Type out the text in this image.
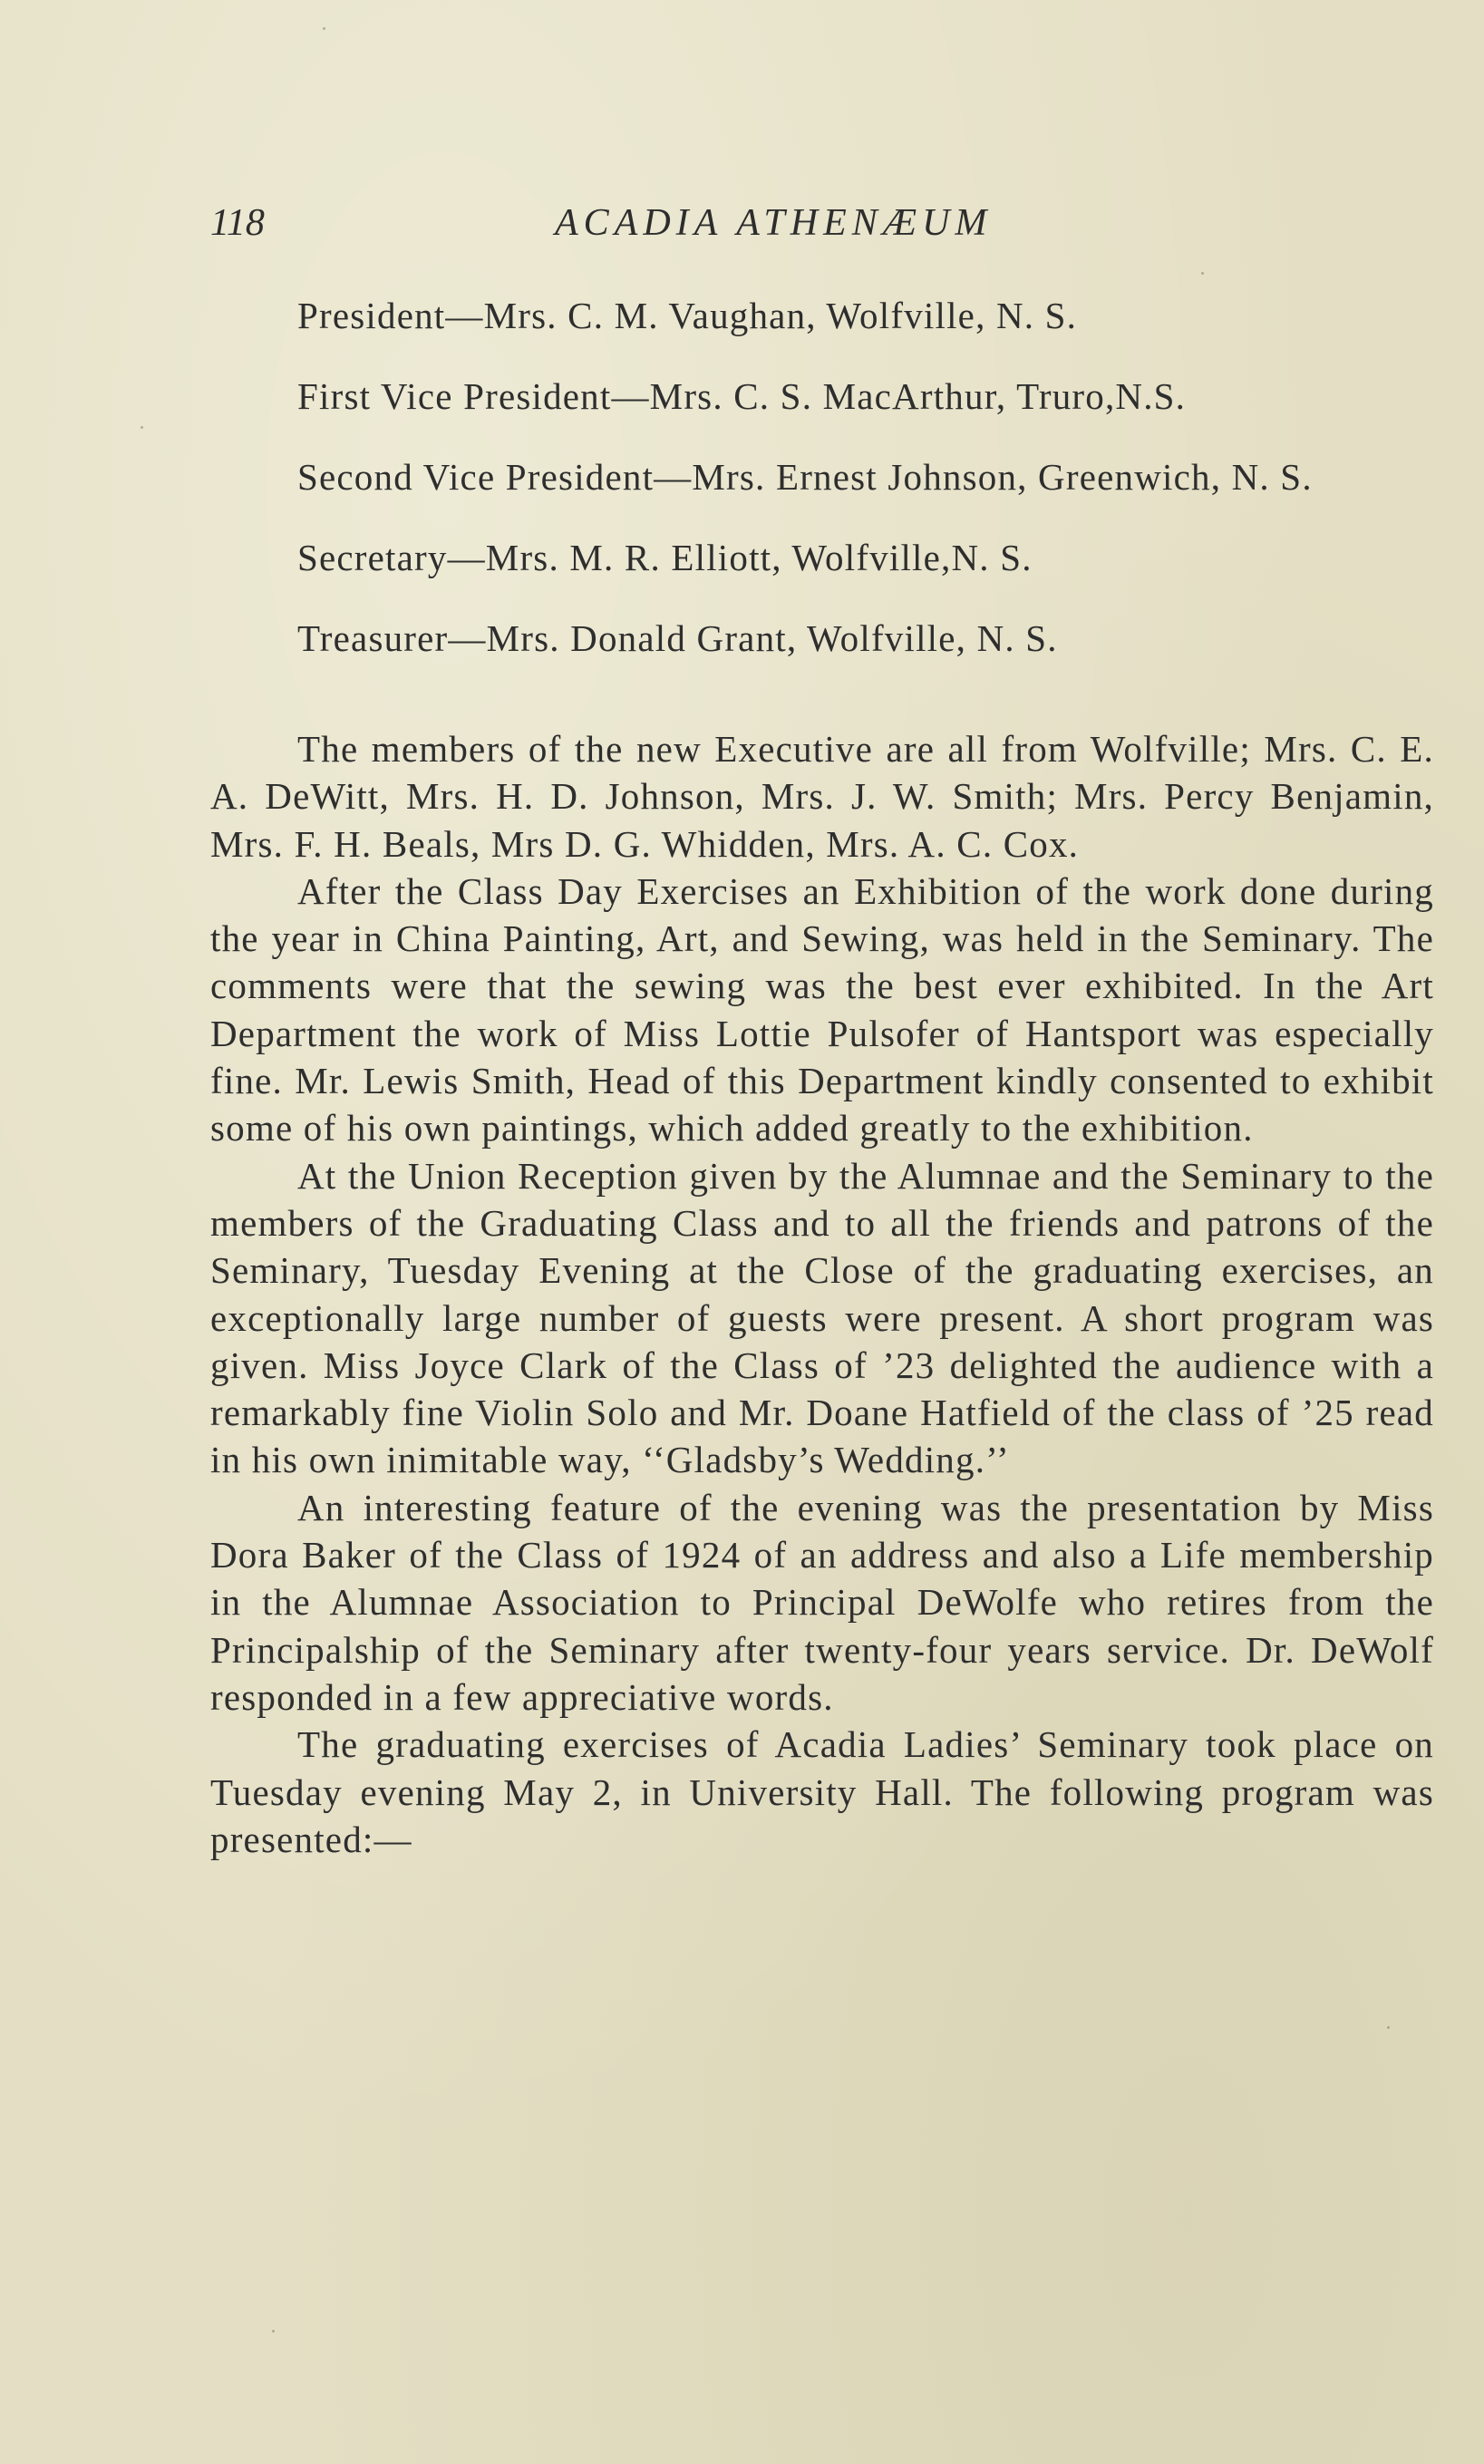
118	ACADIA ATHENÆUM

President—Mrs. C. M. Vaughan, Wolfville, N. S.

First Vice President—Mrs. C. S. MacArthur, Truro,N.S.

Second Vice President—Mrs. Ernest Johnson, Greenwich, N. S.

Secretary—Mrs. M. R. Elliott, Wolfville,N. S.

Treasurer—Mrs. Donald Grant, Wolfville, N. S.

The members of the new Executive are all from Wolfville; Mrs. C. E. A. DeWitt, Mrs. H. D. Johnson, Mrs. J. W. Smith; Mrs. Percy Benjamin, Mrs. F. H. Beals, Mrs D. G. Whidden, Mrs. A. C. Cox.

After the Class Day Exercises an Exhibition of the work done during the year in China Painting, Art, and Sewing, was held in the Seminary. The comments were that the sewing was the best ever exhibited. In the Art Department the work of Miss Lottie Pulsofer of Hantsport was especially fine. Mr. Lewis Smith, Head of this Department kindly consented to exhibit some of his own paintings, which added greatly to the exhibition.

At the Union Reception given by the Alumnae and the Seminary to the members of the Graduating Class and to all the friends and patrons of the Seminary, Tuesday Evening at the Close of the graduating exercises, an exceptionally large number of guests were present. A short program was given. Miss Joyce Clark of the Class of ’23 delighted the audience with a remarkably fine Violin Solo and Mr. Doane Hatfield of the class of ’25 read in his own inimitable way, ‘‘Gladsby’s Wedding.’’

An interesting feature of the evening was the presentation by Miss Dora Baker of the Class of 1924 of an address and also a Life membership in the Alumnae Association to Principal DeWolfe who retires from the Principalship of the Seminary after twenty-four years service. Dr. DeWolf responded in a few appreciative words.

The graduating exercises of Acadia Ladies’ Seminary took place on Tuesday evening May 2, in University Hall. The following program was presented:—
